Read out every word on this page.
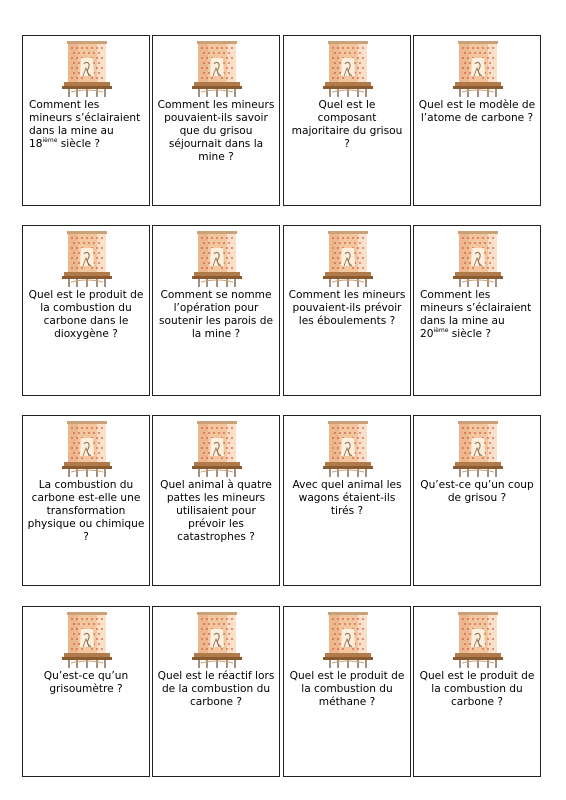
Comment les mineurs s’éclairaient dans la mine au 18ième siècle ?

Comment les mineurs pouvaient-ils savoir que du grisou séjournait dans la mine ?

Quel est le composant majoritaire du grisou ?

Quel est le modèle de l’atome de carbone ?

Quel est le produit de la combustion du carbone dans le dioxygène ?

Comment se nomme l’opération pour soutenir les parois de la mine ?

Comment les mineurs pouvaient-ils prévoir les éboulements ?

Comment les mineurs s’éclairaient dans la mine au 20ième siècle ?

La combustion du carbone est-elle une transformation physique ou chimique ?

Quel animal à quatre pattes les mineurs utilisaient pour prévoir les catastrophes ?

Avec quel animal les wagons étaient-ils tirés ?

Qu’est-ce qu’un coup de grisou ?

Qu’est-ce qu’un grisoumètre ?

Quel est le réactif lors de la combustion du carbone ?

Quel est le produit de la combustion du méthane ?

Quel est le produit de la combustion du carbone ?
